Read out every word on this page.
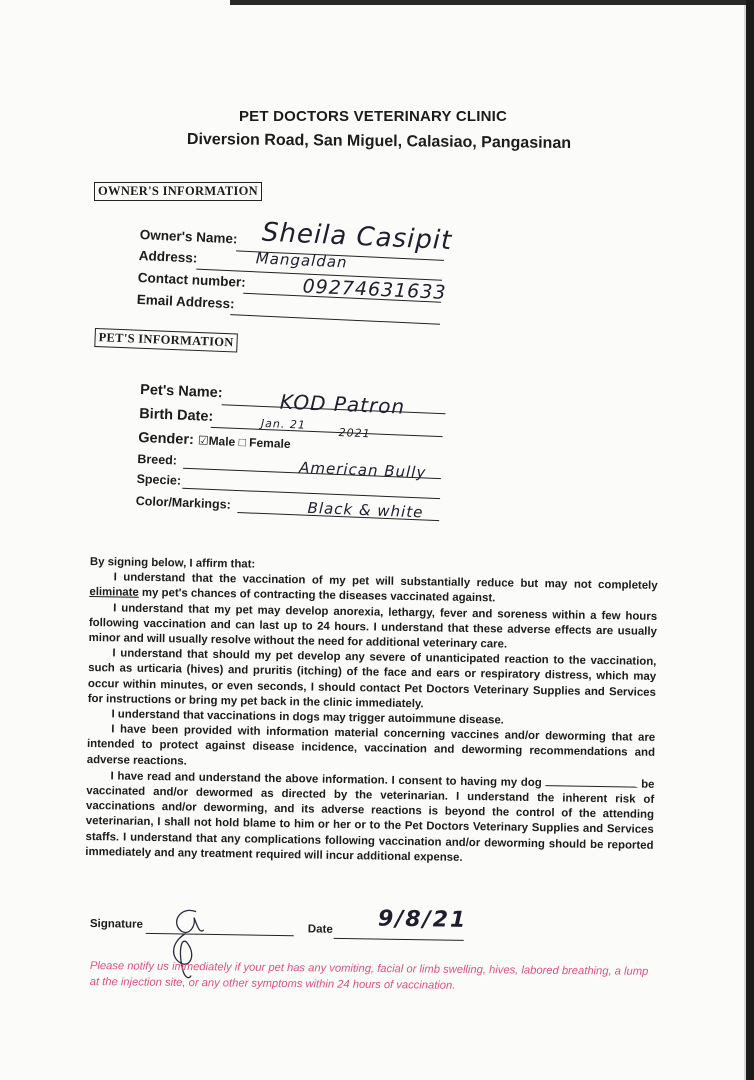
PET DOCTORS VETERINARY CLINIC
Diversion Road, San Miguel, Calasiao, Pangasinan
OWNER'S INFORMATION
Owner's Name: Sheila Casipit
Address:	Mangaldan
Contact number:	09274631633
Email Address:
PET'S INFORMATION
Pet's Name:	KOD Patron
Birth Date:	Jan. 21
2021
Gender: ☑Male □ Female
Breed:	American Bully
Specie:
Color/Markings:	Black & white

By signing below, I affirm that:

I understand that the vaccination of my pet will substantially reduce but may not completely eliminate my pet's chances of contracting the diseases vaccinated against.

I understand that my pet may develop anorexia, lethargy, fever and soreness within a few hours following vaccination and can last up to 24 hours. I understand that these adverse effects are usually minor and will usually resolve without the need for additional veterinary care.

I understand that should my pet develop any severe of unanticipated reaction to the vaccination, such as urticaria (hives) and pruritis (itching) of the face and ears or respiratory distress, which may occur within minutes, or even seconds, I should contact Pet Doctors Veterinary Supplies and Services for instructions or bring my pet back in the clinic immediately.

I understand that vaccinations in dogs may trigger autoimmune disease.

I have been provided with information material concerning vaccines and/or deworming that are intended to protect against disease incidence, vaccination and deworming recommendations and adverse reactions.

I have read and understand the above information. I consent to having my dog	be vaccinated and/or dewormed as directed by the veterinarian. I understand the inherent risk of vaccinations and/or deworming, and its adverse reactions is beyond the control of the attending veterinarian, I shall not hold blame to him or her or to the Pet Doctors Veterinary Supplies and Services staffs. I understand that any complications following vaccination and/or deworming should be reported immediately and any treatment required will incur additional expense.

Signature	Date 9/8/21
Please notify us immediately if your pet has any vomiting, facial or limb swelling, hives, labored breathing, a lump at the injection site, or any other symptoms within 24 hours of vaccination.
